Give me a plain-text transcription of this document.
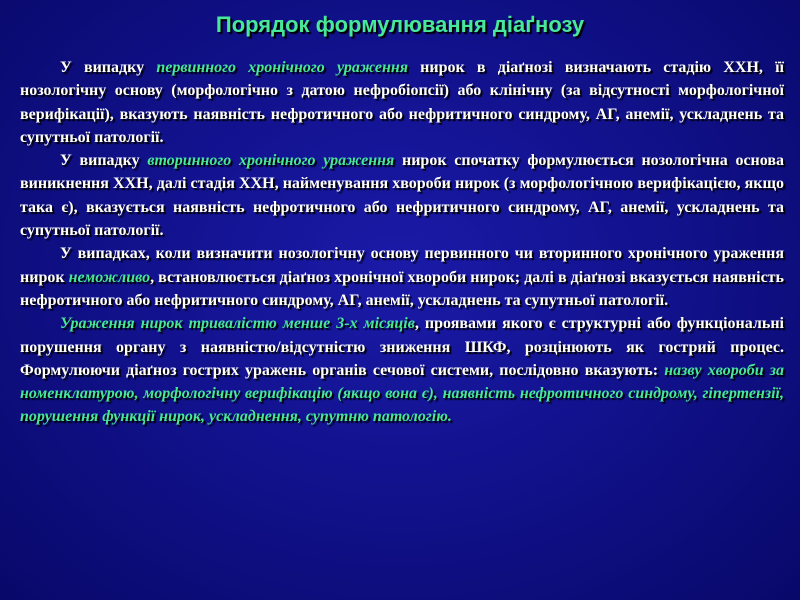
Порядок формулювання діаґнозу

У випадку первинного хронічного ураження нирок в діаґнозі визначають стадію ХХН, її нозологічну основу (морфологічно з датою нефробіопсії) або клінічну (за відсутності морфологічної верифікації), вказують наявність нефротичного або нефритичного синдрому, АГ, анемії, ускладнень та супутньої патології.

У випадку вторинного хронічного ураження нирок спочатку формулюється нозологічна основа виникнення ХХН, далі стадія ХХН, найменування хвороби нирок (з морфологічною верифікацією, якщо така є), вказується наявність нефротичного або нефритичного синдрому, АГ, анемії, ускладнень та супутньої патології.

У випадках, коли визначити нозологічну основу первинного чи вторинного хронічного ураження нирок неможливо, встановлюється діаґноз хронічної хвороби нирок; далі в діаґнозі вказується наявність нефротичного або нефритичного синдрому, АГ, анемії, ускладнень та супутньої патології.

Ураження нирок тривалістю менше 3-х місяців, проявами якого є структурні або функціональні порушення органу з наявністю/відсутністю зниження ШКФ, розцінюють як гострий процес. Формулюючи діаґноз гострих уражень органів сечової системи, послідовно вказують: назву хвороби за номенклатурою, морфологічну верифікацію (якщо вона є), наявність нефротичного синдрому, гіпертензії, порушення функції нирок, ускладнення, супутню патологію.
